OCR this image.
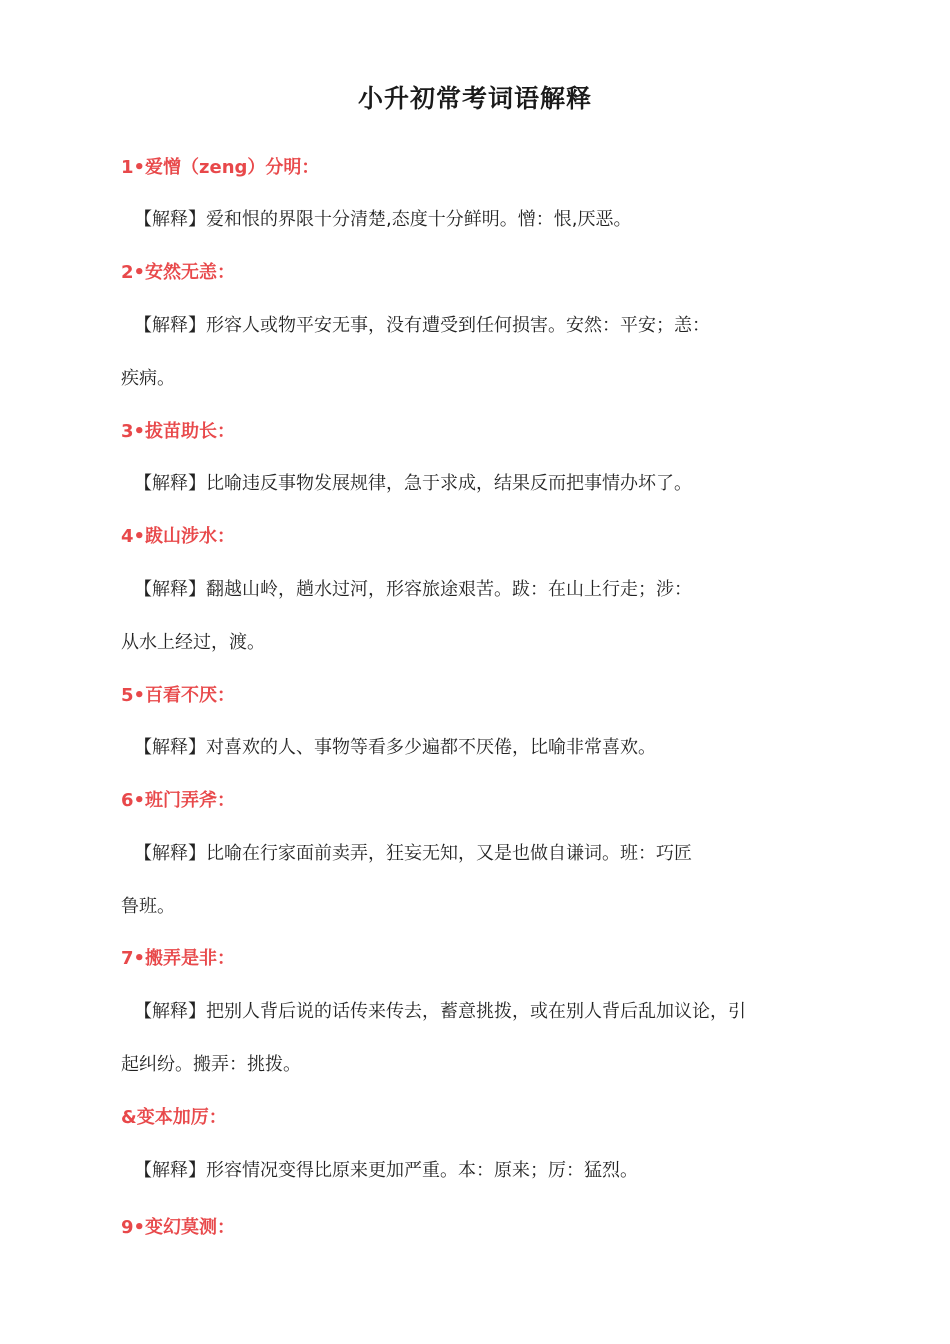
小升初常考词语解释
1•爱憎（zeng）分明：
【解释】爱和恨的界限十分清楚,态度十分鲜明。憎：恨,厌恶。
2•安然无恙：
【解释】形容人或物平安无事，没有遭受到任何损害。安然：平安；恙：
疾病。
3•拔苗助长：
【解释】比喻违反事物发展规律，急于求成，结果反而把事情办坏了。
4•跋山涉水：
【解释】翻越山岭，趟水过河，形容旅途艰苦。跋：在山上行走；涉：
从水上经过，渡。
5•百看不厌：
【解释】对喜欢的人、事物等看多少遍都不厌倦，比喻非常喜欢。
6•班门弄斧：
【解释】比喻在行家面前卖弄，狂妄无知，又是也做自谦词。班：巧匠
鲁班。
7•搬弄是非：
【解释】把别人背后说的话传来传去，蓄意挑拨，或在别人背后乱加议论，引
起纠纷。搬弄：挑拨。
&变本加厉：
【解释】形容情况变得比原来更加严重。本：原来；厉：猛烈。
9•变幻莫测：
